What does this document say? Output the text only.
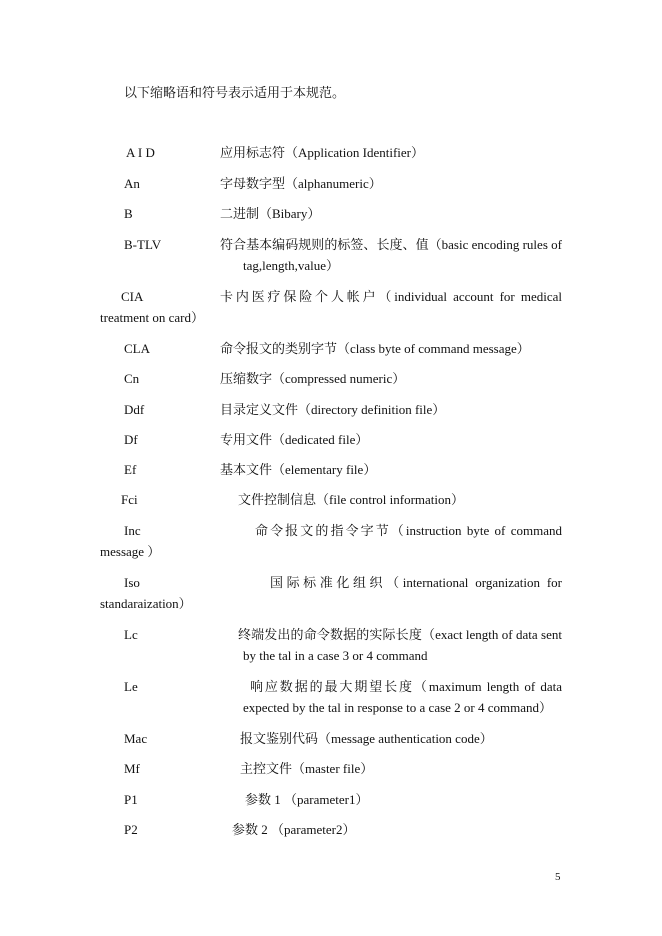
以下缩略语和符号表示适用于本规范。
A I D	应用标志符（Application Identifier）
An	字母数字型（alphanumeric）
B	二进制（Bibary）
B-TLV	符合基本编码规则的标签、长度、值（basic encoding rules of
tag,length,value）
CIA	卡内医疗保险个人帐户（individual account for medical
treatment on card）
CLA	命令报文的类别字节（class byte of command message）
Cn	压缩数字（compressed numeric）
Ddf	目录定义文件（directory definition file）
Df	专用文件（dedicated file）
Ef	基本文件（elementary file）
Fci	文件控制信息（file control information）
Inc	命令报文的指令字节（instruction byte of command
message ）
Iso	国际标准化组织（international organization for
standaraization）
Lc	终端发出的命令数据的实际长度（exact length of data sent
by the tal in a case 3 or 4 command
Le	响应数据的最大期望长度（maximum length of data
expected by the tal in response to a case 2 or 4 command）
Mac	报文鉴别代码（message authentication code）
Mf	主控文件（master file）
P1	参数 1 （parameter1）
P2	参数 2 （parameter2）
5
